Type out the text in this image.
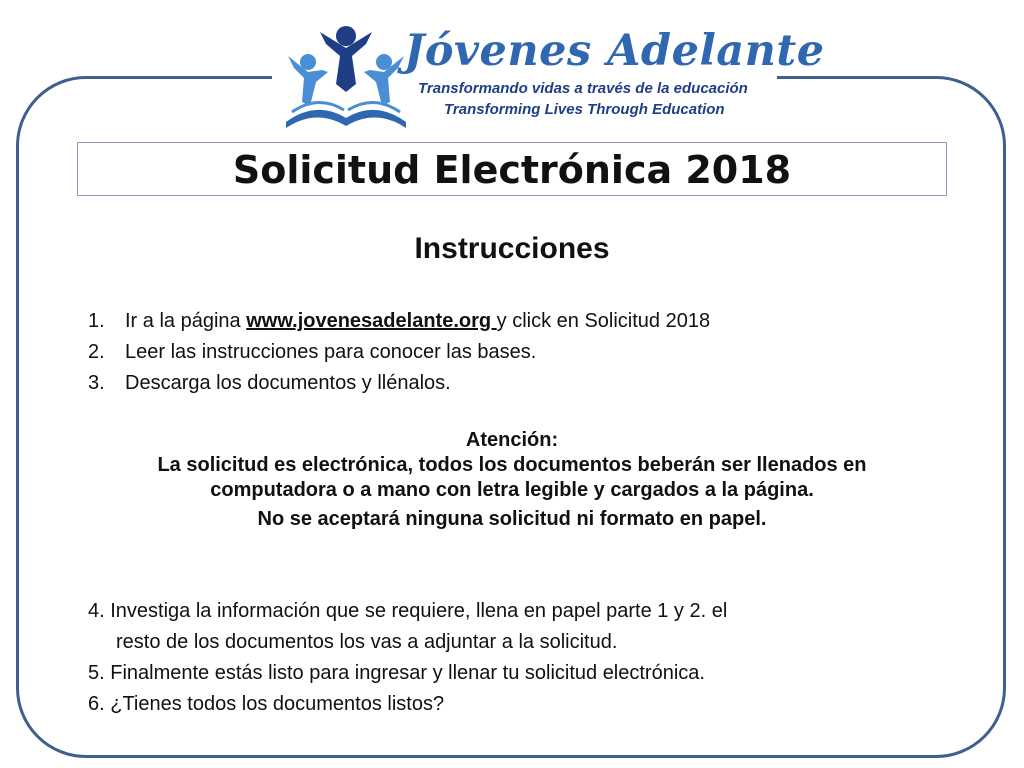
Jóvenes Adelante
Transformando vidas a través de la educación
Transforming Lives Through Education
Solicitud Electrónica 2018
Instrucciones
1. Ir a la página www.jovenesadelante.org y click en Solicitud 2018
2. Leer las instrucciones para conocer las bases.
3. Descarga los documentos y llénalos.
Atención:
La solicitud es electrónica, todos los documentos beberán ser llenados en computadora o a mano con letra legible y cargados a la página.
No se aceptará ninguna solicitud ni formato en papel.
4. Investiga la información que se requiere, llena en papel parte 1 y 2. el
resto de los documentos los vas a adjuntar a la solicitud.
5. Finalmente estás listo para ingresar y llenar tu solicitud electrónica.
6. ¿Tienes todos los documentos listos?
